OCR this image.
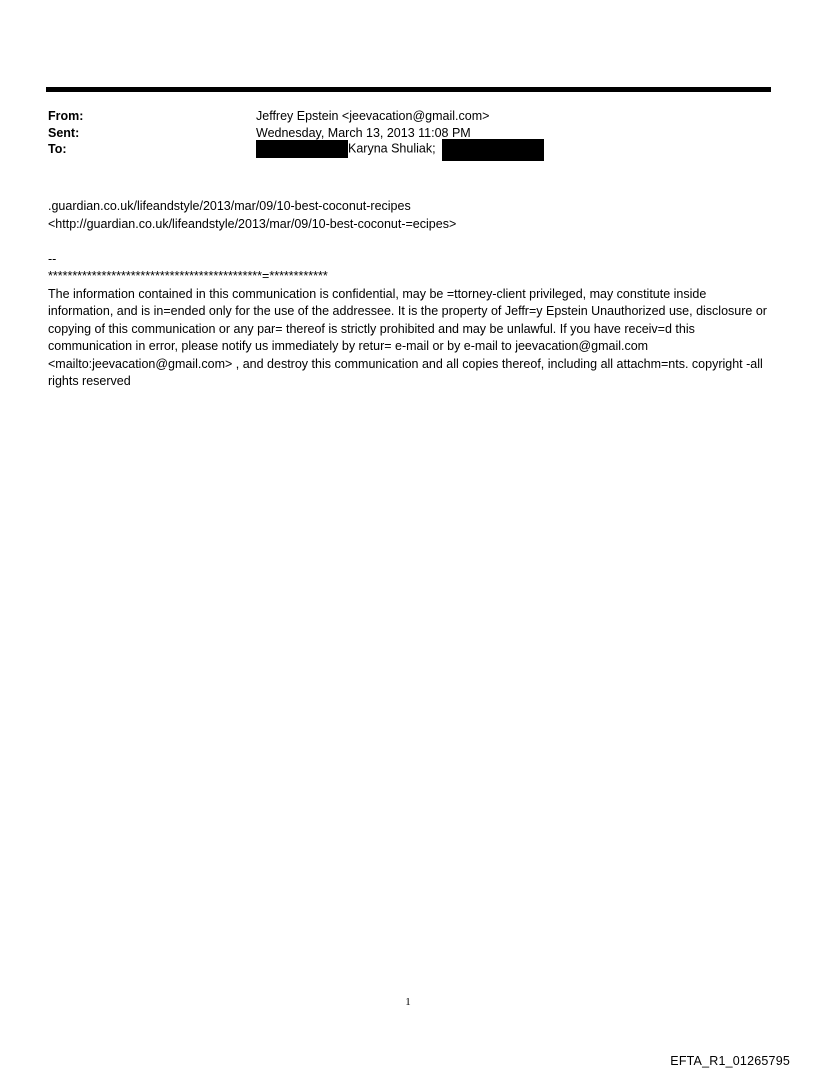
From:	Jeffrey Epstein <jeevacation@gmail.com>
Sent:	Wednesday, March 13, 2013 11:08 PM
To:	Karyna Shuliak;
.guardian.co.uk/lifeandstyle/2013/mar/09/10-best-coconut-recipes
<http://guardian.co.uk/lifeandstyle/2013/mar/09/10-best-coconut-=ecipes>
--
********************************************=************
The information contained in this communication is confidential, may be =ttorney-client privileged, may constitute inside information, and is in=ended only for the use of the addressee. It is the property of Jeffr=y Epstein Unauthorized use, disclosure or copying of this communication or any par= thereof is strictly prohibited and may be unlawful. If you have receiv=d this communication in error, please notify us immediately by retur= e-mail or by e-mail to jeevacation@gmail.com <mailto:jeevacation@gmail.com> , and destroy this communication and all copies thereof, including all attachm=nts. copyright -all rights reserved
1
EFTA_R1_01265795
